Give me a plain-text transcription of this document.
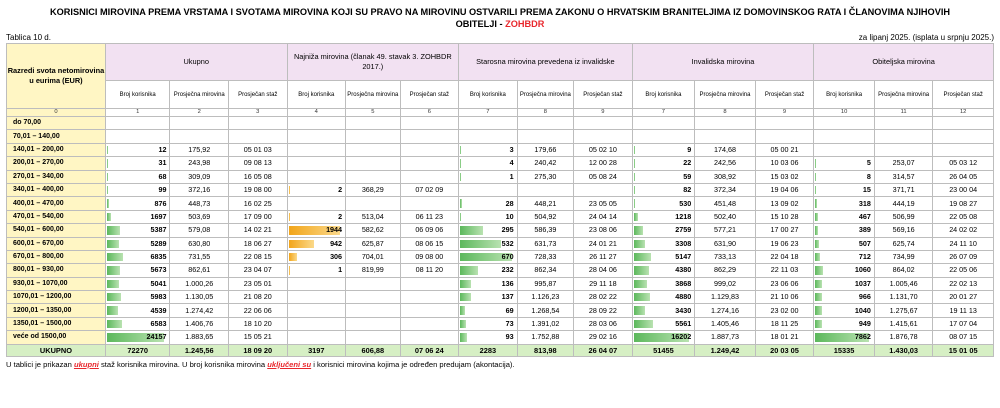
KORISNICI MIROVINA PREMA VRSTAMA I SVOTAMA MIROVINA KOJI SU PRAVO NA MIROVINU OSTVARILI PREMA ZAKONU O HRVATSKIM BRANITELJIMA IZ DOMOVINSKOG RATA I ČLANOVIMA NJIHOVIH OBITELJI - ZOHBDR
Tablica 10 d.	za lipanj 2025. (isplata u srpnju 2025.)
Razredi svota netomirovina u eurima (EUR)	Ukupno			Najniža mirovina (članak 49. stavak 3. ZOHBDR 2017.)			Starosna mirovina prevedena iz invalidske			Invalidska mirovina			Obiteljska mirovina		
	Broj korisnika	Prosječna mirovina	Prosječan staž	Broj korisnika	Prosječna mirovina	Prosječan staž	Broj korisnika	Prosječna mirovina	Prosječan staž	Broj korisnika	Prosječna mirovina	Prosječan staž	Broj korisnika	Prosječna mirovina	Prosječan staž
0	1	2	3	4	5	6	7	8	9	7	8	9	10	11	12
do 70,00															
70,01 – 140,00															
140,01 – 200,00	12	175,92	05 01 03				3	179,66	05 02 10	9	174,68	05 00 21			
200,01 – 270,00	31	243,98	09 08 13				4	240,42	12 00 28	22	242,56	10 03 06	5	253,07	05 03 12
270,01 – 340,00	68	309,09	16 05 08				1	275,30	05 08 24	59	308,92	15 03 02	8	314,57	26 04 05
340,01 – 400,00	99	372,16	19 08 00	2	368,29	07 02 09				82	372,34	19 04 06	15	371,71	23 00 04
400,01 – 470,00	876	448,73	16 02 25				28	448,21	23 05 05	530	451,48	13 09 02	318	444,19	19 08 27
470,01 – 540,00	1697	503,69	17 09 00	2	513,04	06 11 23	10	504,92	24 04 14	1218	502,40	15 10 28	467	506,99	22 05 08
540,01 – 600,00	5387	579,08	14 02 21	1944	582,62	06 09 06	295	586,39	23 08 06	2759	577,21	17 00 27	389	569,16	24 02 02
600,01 – 670,00	5289	630,80	18 06 27	942	625,87	08 06 15	532	631,73	24 01 21	3308	631,90	19 06 23	507	625,74	24 11 10
670,01 – 800,00	6835	731,55	22 08 15	306	704,01	09 08 00	670	728,33	26 11 27	5147	733,13	22 04 18	712	734,99	26 07 09
800,01 – 930,00	5673	862,61	23 04 07	1	819,99	08 11 20	232	862,34	28 04 06	4380	862,29	22 11 03	1060	864,02	22 05 06
930,01 – 1070,00	5041	1.000,26	23 05 01				136	995,87	29 11 18	3868	999,02	23 06 06	1037	1.005,46	22 02 13
1070,01 – 1200,00	5983	1.130,05	21 08 20				137	1.126,23	28 02 22	4880	1.129,83	21 10 06	966	1.131,70	20 01 27
1200,01 – 1350,00	4539	1.274,42	22 06 06				69	1.268,54	28 09 22	3430	1.274,16	23 02 00	1040	1.275,67	19 11 13
1350,01 – 1500,00	6583	1.406,76	18 10 20				73	1.391,02	28 03 06	5561	1.405,46	18 11 25	949	1.415,61	17 07 04
veće od 1500,00	24157	1.883,65	15 05 21				93	1.752,88	29 02 16	16202	1.887,73	18 01 21	7862	1.876,78	08 07 15
UKUPNO	72270	1.245,56	18 09 20	3197	606,88	07 06 24	2283	813,98	26 04 07	51455	1.249,42	20 03 05	15335	1.430,03	15 01 05
U tablici je prikazan ukupni staž korisnika mirovina. U broj korisnika mirovina uključeni su i korisnici mirovina kojima je određen predujam (akontacija).
